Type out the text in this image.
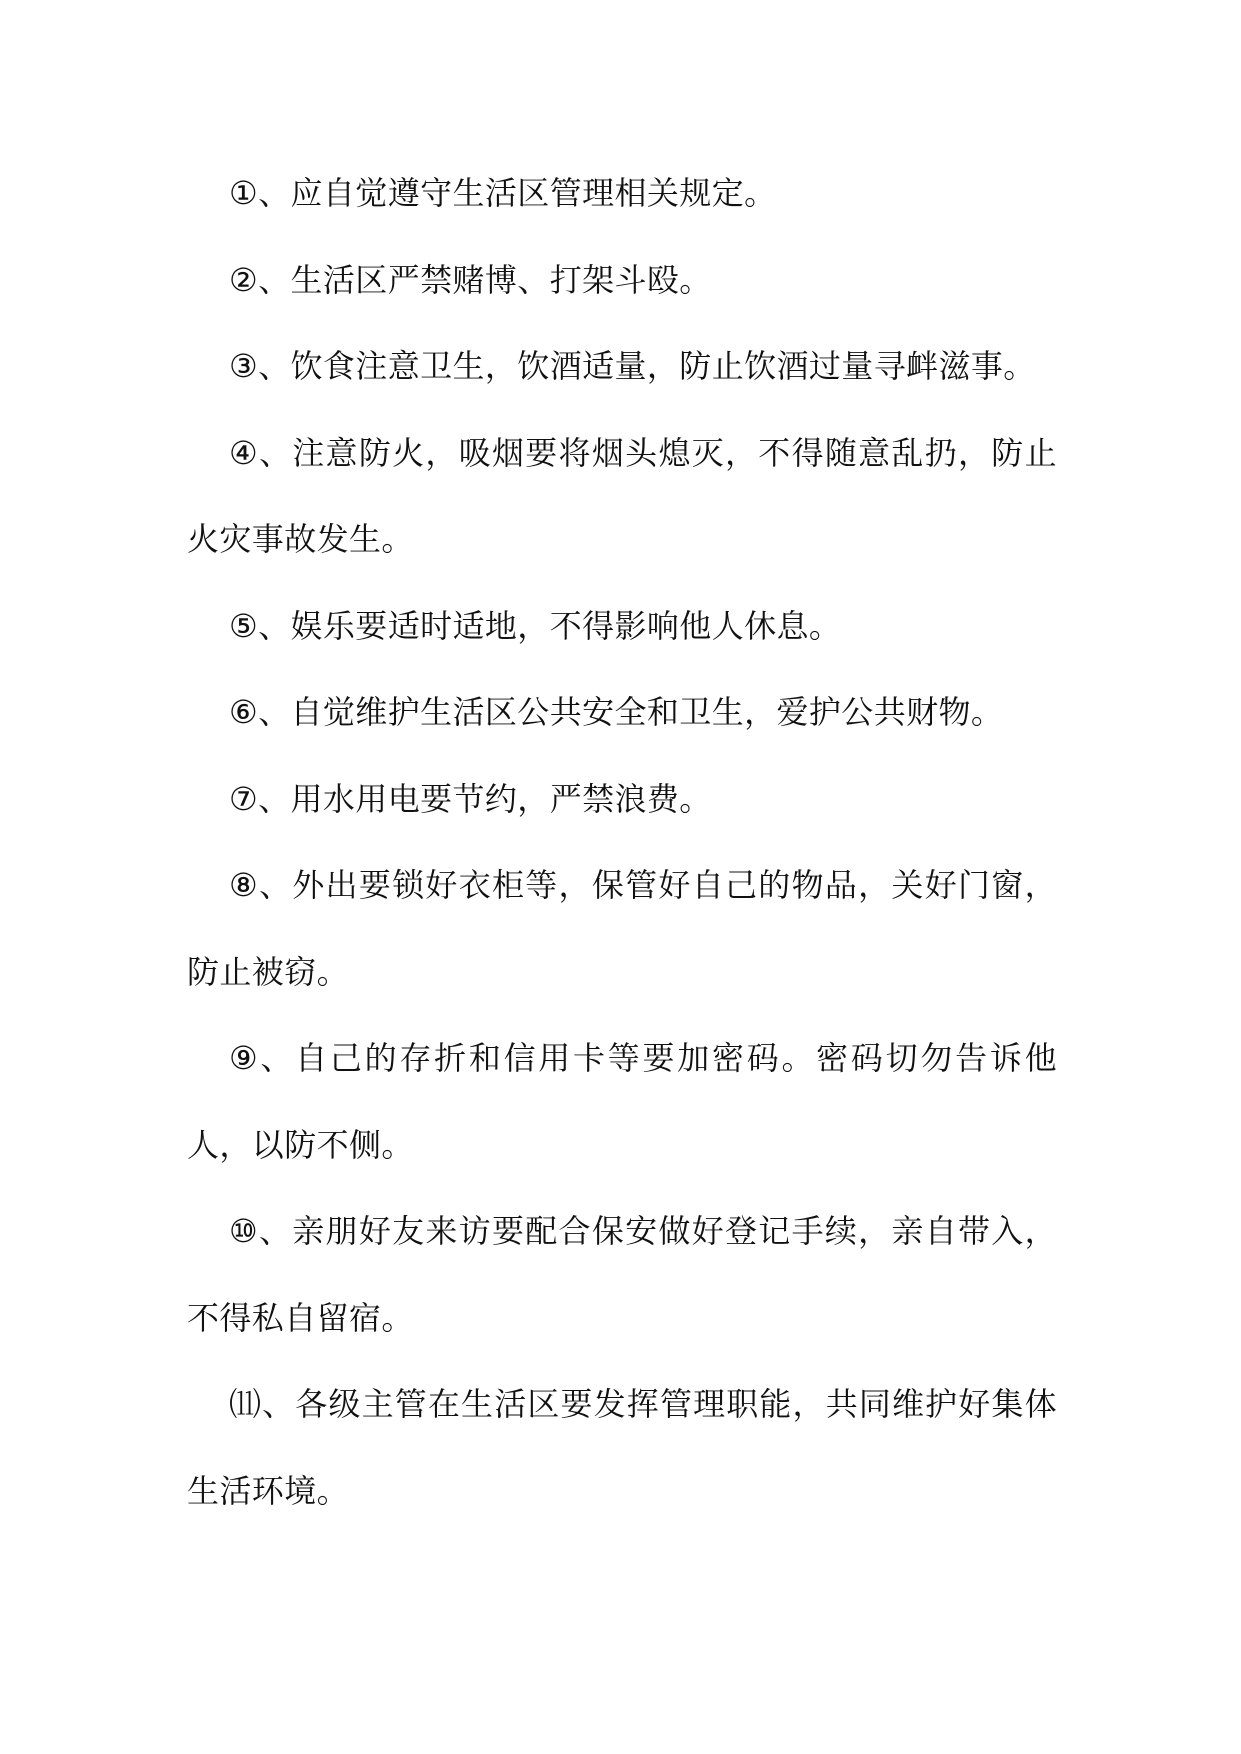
①、应自觉遵守生活区管理相关规定。
②、生活区严禁赌博、打架斗殴。
③、饮食注意卫生，饮酒适量，防止饮酒过量寻衅滋事。
④、注意防火，吸烟要将烟头熄灭，不得随意乱扔，防止火灾事故发生。
⑤、娱乐要适时适地，不得影响他人休息。
⑥、自觉维护生活区公共安全和卫生，爱护公共财物。
⑦、用水用电要节约，严禁浪费。
⑧、外出要锁好衣柜等，保管好自己的物品，关好门窗，防止被窃。
⑨、自己的存折和信用卡等要加密码。密码切勿告诉他人，以防不侧。
⑩、亲朋好友来访要配合保安做好登记手续，亲自带入，不得私自留宿。
⑾、各级主管在生活区要发挥管理职能，共同维护好集体生活环境。
